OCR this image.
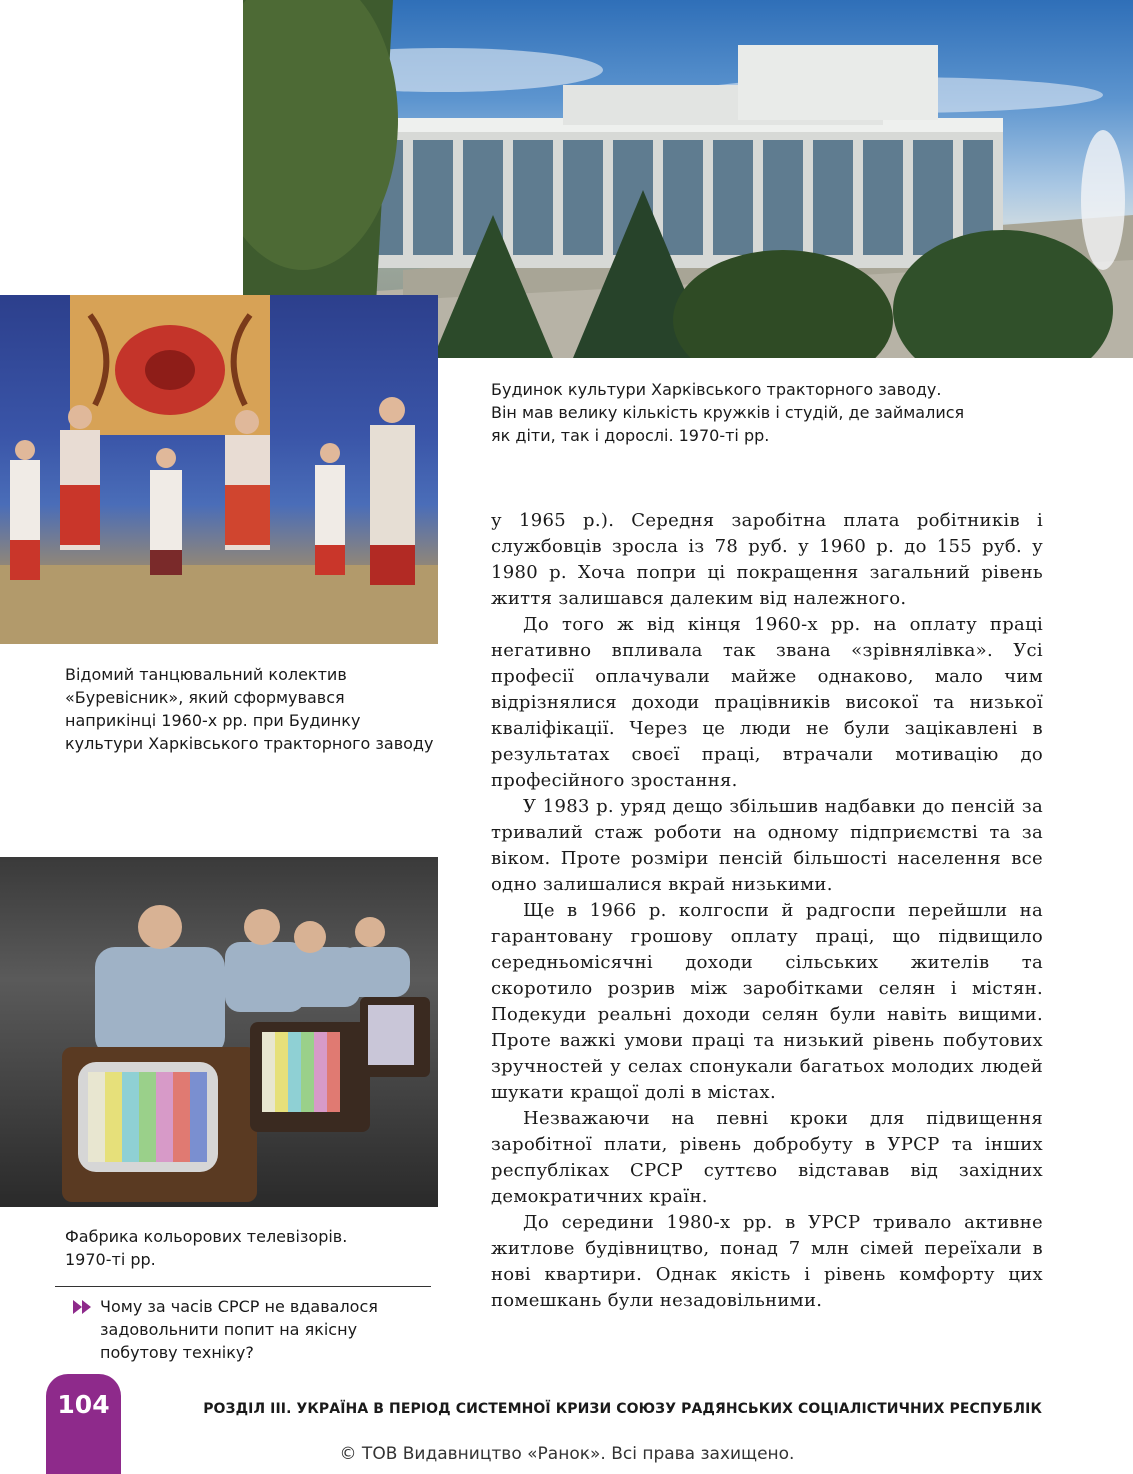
Будинок культури Харківського тракторного заводу.
Він мав велику кількість кружків і студій, де займалися
як діти, так і дорослі. 1970-ті рр.
Відомий танцювальний колектив
«Буревісник», який сформувався
наприкінці 1960-х рр. при Будинку
культури Харківського тракторного заводу
Фабрика кольорових телевізорів.
1970-ті рр.

у 1965 р.). Середня заробітна плата робітників і службовців зросла із 78 руб. у 1960 р. до 155 руб. у 1980 р. Хоча попри ці покращення загальний рівень життя залишався далеким від належного.

До того ж від кінця 1960-х рр. на оплату праці негативно впливала так звана «зрівнялівка». Усі професії оплачували майже однаково, мало чим відрізнялися доходи працівників високої та низької кваліфікації. Через це люди не були зацікавлені в результатах своєї праці, втрачали мотивацію до професійного зростання.

У 1983 р. уряд дещо збільшив надбавки до пенсій за тривалий стаж роботи на одному підприємстві та за віком. Проте розміри пенсій більшості населення все одно залишалися вкрай низькими.

Ще в 1966 р. колгоспи й радгоспи перейшли на гарантовану грошову оплату праці, що підвищило середньомісячні доходи сільських жителів та скоротило розрив між заробітками селян і містян. Подекуди реальні доходи селян були навіть вищими. Проте важкі умови праці та низький рівень побутових зручностей у селах спонукали багатьох молодих людей шукати кращої долі в містах.

Незважаючи на певні кроки для підвищення заробітної плати, рівень добробуту в УРСР та інших республіках СРСР суттєво відставав від західних демократичних країн.

До середини 1980-х рр. в УРСР тривало активне житлове будівництво, понад 7 млн сімей переїхали в нові квартири. Однак якість і рівень комфорту цих помешкань були незадовільними.

Чому за часів СРСР не вдавалося
задовольнити попит на якісну
побутову техніку?
104	РОЗДІЛ ІІІ. УКРАЇНА В ПЕРІОД СИСТЕМНОЇ КРИЗИ СОЮЗУ РАДЯНСЬКИХ СОЦІАЛІСТИЧНИХ РЕСПУБЛІК
© ТОВ Видавництво «Ранок». Всі права захищено.
